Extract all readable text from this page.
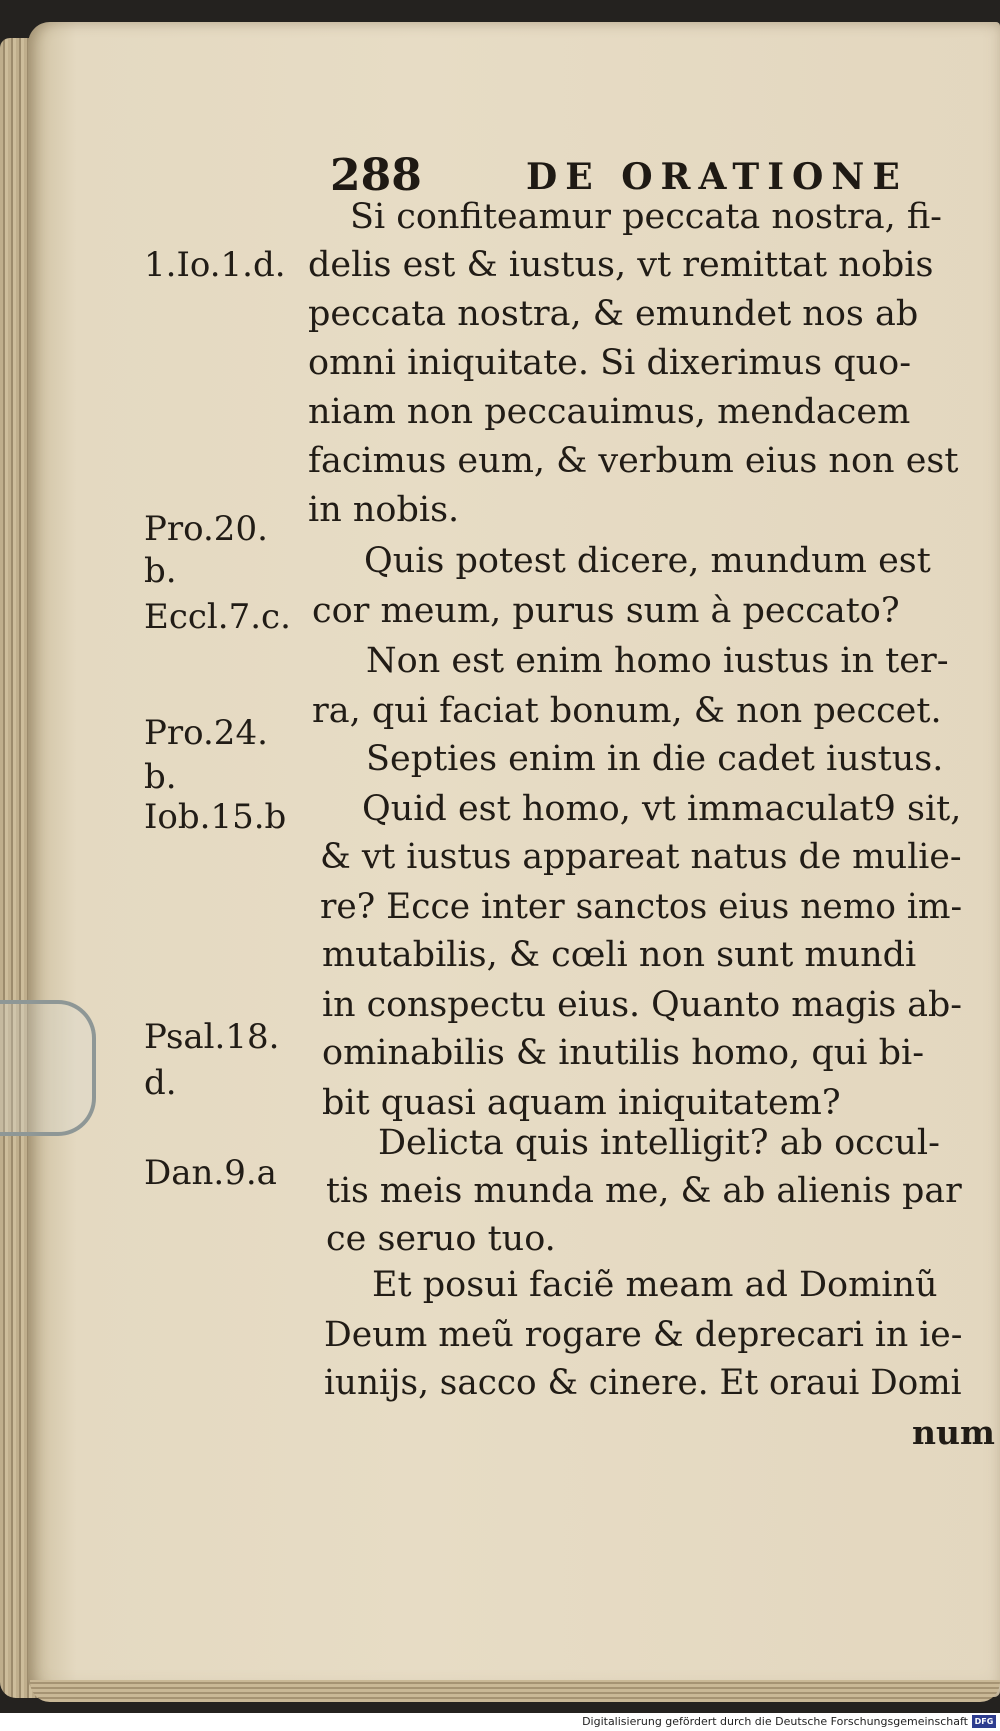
288	DE ORATIONE
1.Io.1.d.
Pro.20.
b.
Eccl.7.c.
Pro.24.
b.
Iob.15.b
Psal.18.
d.
Dan.9.a
Si confiteamur peccata nostra, fi-
delis est & iustus, vt remittat nobis
peccata nostra, & emundet nos ab
omni iniquitate. Si dixerimus quo-
niam non peccauimus, mendacem
facimus eum, & verbum eius non est
in nobis.
Quis potest dicere, mundum est
cor meum, purus sum à peccato?
Non est enim homo iustus in ter-
ra, qui faciat bonum, & non peccet.
Septies enim in die cadet iustus.
Quid est homo, vt immaculat9 sit,
& vt iustus appareat natus de mulie-
re? Ecce inter sanctos eius nemo im-
mutabilis, & cœli non sunt mundi
in conspectu eius. Quanto magis ab-
ominabilis & inutilis homo, qui bi-
bit quasi aquam iniquitatem?
Delicta quis intelligit? ab occul-
tis meis munda me, & ab alienis par
ce seruo tuo.
Et posui faciẽ meam ad Dominũ
Deum meũ rogare & deprecari in ie-
iunijs, sacco & cinere. Et oraui Domi
num
Digitalisierung gefördert durch die Deutsche Forschungsgemeinschaft DFG
